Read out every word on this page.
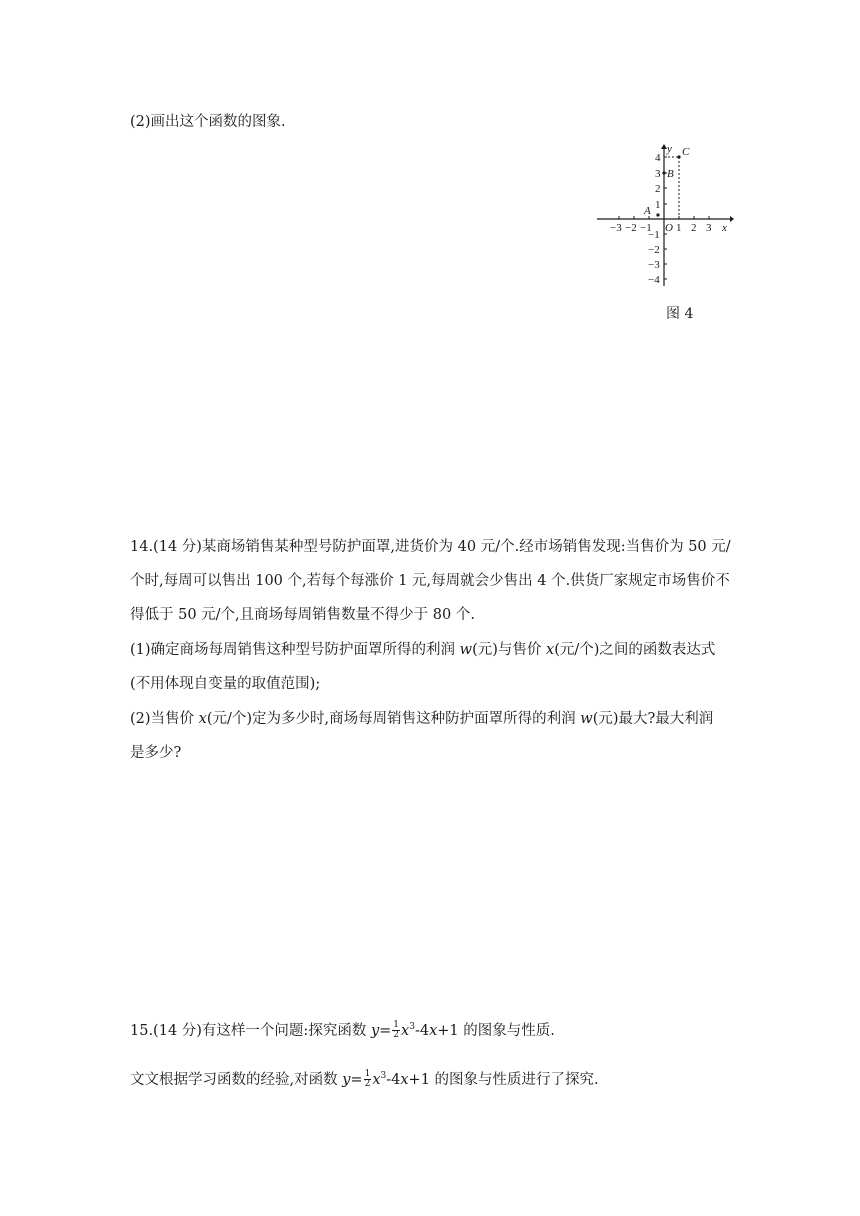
(2)画出这个函数的图象.
−3 −2 −1 1 2 3 x
4
3
2
1
−1
−2
−3
−4
y
O
A
B
C
图 4
14.(14 分)某商场销售某种型号防护面罩,进货价为 40 元/个.经市场销售发现:当售价为 50 元/
个时,每周可以售出 100 个,若每个每涨价 1 元,每周就会少售出 4 个.供货厂家规定市场售价不
得低于 50 元/个,且商场每周销售数量不得少于 80 个.
(1)确定商场每周销售这种型号防护面罩所得的利润 w(元)与售价 x(元/个)之间的函数表达式
(不用体现自变量的取值范围);
(2)当售价 x(元/个)定为多少时,商场每周销售这种防护面罩所得的利润 w(元)最大?最大利润
是多少?
15.(14 分)有这样一个问题:探究函数 $y= \frac{1}{2} x^3-4x+1$ 的图象与性质.
文文根据学习函数的经验,对函数 $y= \frac{1}{2} x^3-4x+1$ 的图象与性质进行了探究.
